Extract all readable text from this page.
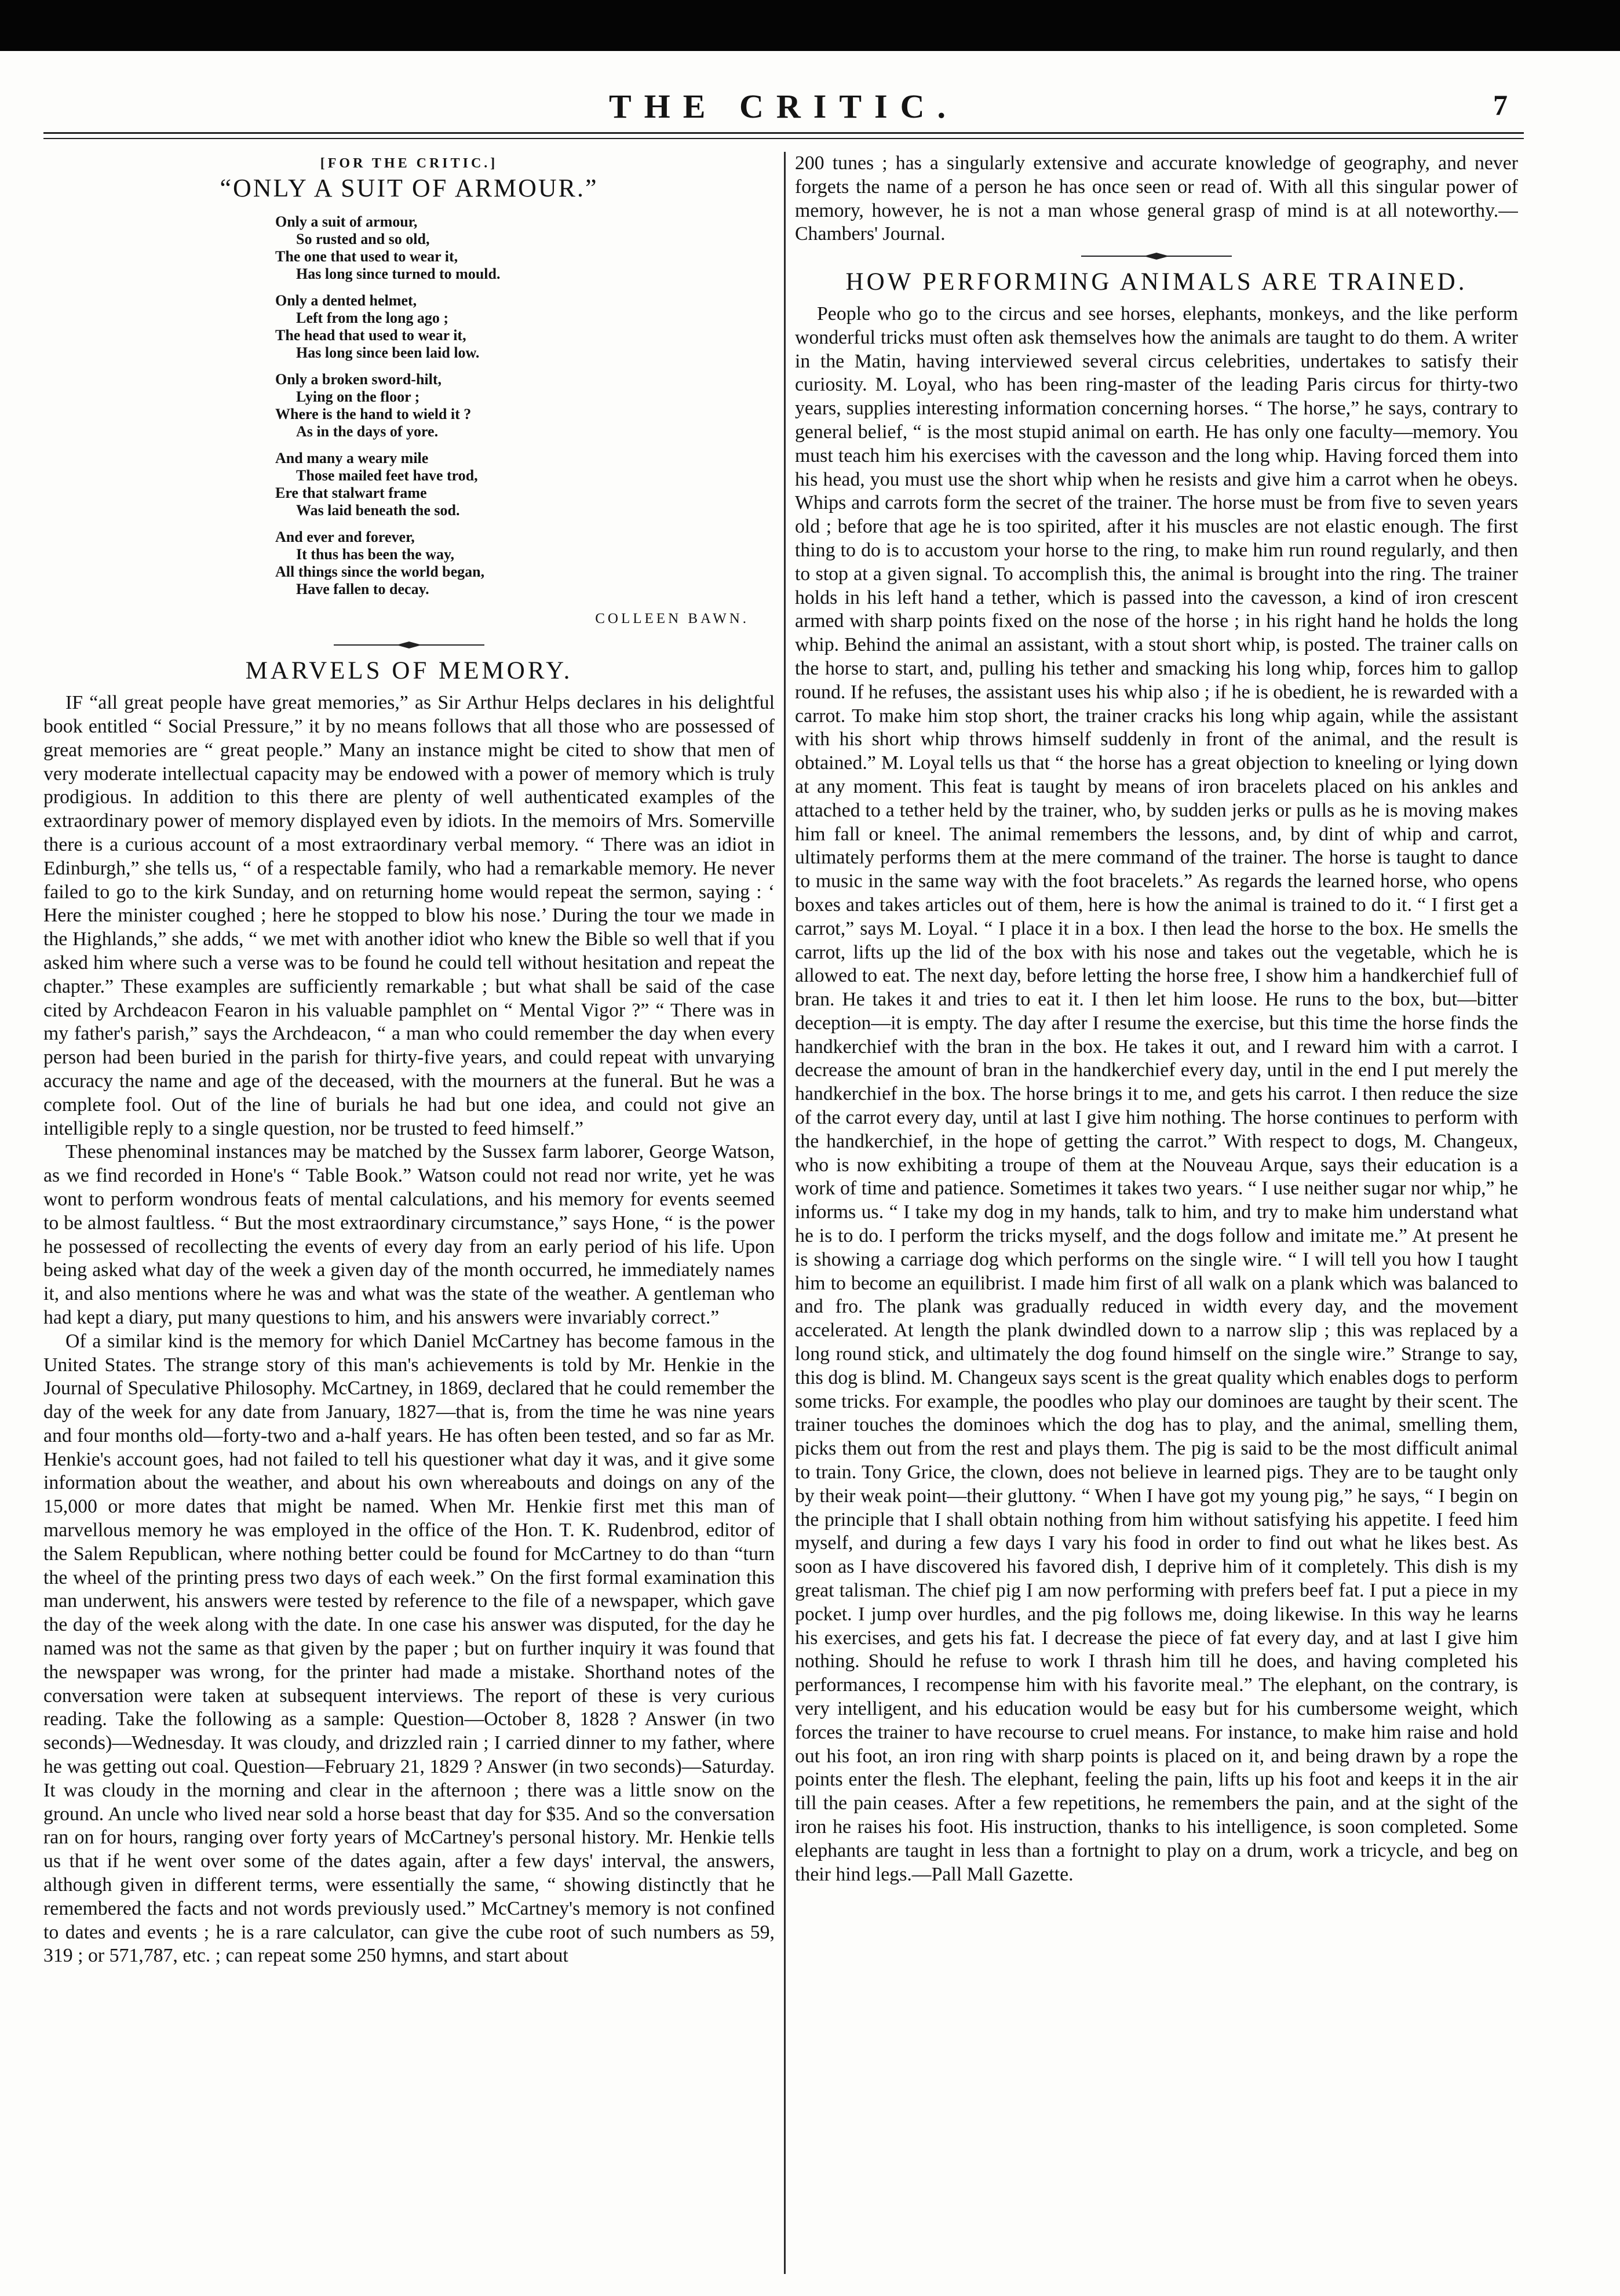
THE CRITIC.	7
[FOR THE CRITIC.]
“ONLY A SUIT OF ARMOUR.”
Only a suit of armour,
So rusted and so old,
The one that used to wear it,
Has long since turned to mould.
Only a dented helmet,
Left from the long ago ;
The head that used to wear it,
Has long since been laid low.
Only a broken sword-hilt,
Lying on the floor ;
Where is the hand to wield it ?
As in the days of yore.
And many a weary mile
Those mailed feet have trod,
Ere that stalwart frame
Was laid beneath the sod.
And ever and forever,
It thus has been the way,
All things since the world began,
Have fallen to decay.
COLLEEN BAWN.
MARVELS OF MEMORY.

IF “all great people have great memories,” as Sir Arthur Helps declares in his delightful book entitled “ Social Pressure,” it by no means follows that all those who are possessed of great memories are “ great people.” Many an instance might be cited to show that men of very moderate intellectual capacity may be endowed with a power of memory which is truly prodigious. In addition to this there are plenty of well authenticated examples of the extraordinary power of memory displayed even by idiots. In the memoirs of Mrs. Somerville there is a curious account of a most extraordinary verbal memory. “ There was an idiot in Edinburgh,” she tells us, “ of a respectable family, who had a remarkable memory. He never failed to go to the kirk Sunday, and on returning home would repeat the sermon, saying : ‘ Here the minister coughed ; here he stopped to blow his nose.’ During the tour we made in the Highlands,” she adds, “ we met with another idiot who knew the Bible so well that if you asked him where such a verse was to be found he could tell without hesitation and repeat the chapter.” These examples are sufficiently remarkable ; but what shall be said of the case cited by Archdeacon Fearon in his valuable pamphlet on “ Mental Vigor ?” “ There was in my father's parish,” says the Archdeacon, “ a man who could remember the day when every person had been buried in the parish for thirty-five years, and could repeat with unvarying accuracy the name and age of the deceased, with the mourners at the funeral. But he was a complete fool. Out of the line of burials he had but one idea, and could not give an intelligible reply to a single question, nor be trusted to feed himself.”

These phenominal instances may be matched by the Sussex farm laborer, George Watson, as we find recorded in Hone's “ Table Book.” Watson could not read nor write, yet he was wont to perform wondrous feats of mental calculations, and his memory for events seemed to be almost faultless. “ But the most extraordinary circumstance,” says Hone, “ is the power he possessed of recollecting the events of every day from an early period of his life. Upon being asked what day of the week a given day of the month occurred, he immediately names it, and also mentions where he was and what was the state of the weather. A gentleman who had kept a diary, put many questions to him, and his answers were invariably correct.”

Of a similar kind is the memory for which Daniel McCartney has become famous in the United States. The strange story of this man's achievements is told by Mr. Henkie in the Journal of Speculative Philosophy. McCartney, in 1869, declared that he could remember the day of the week for any date from January, 1827—that is, from the time he was nine years and four months old—forty-two and a-half years. He has often been tested, and so far as Mr. Henkie's account goes, had not failed to tell his questioner what day it was, and it give some information about the weather, and about his own whereabouts and doings on any of the 15,000 or more dates that might be named. When Mr. Henkie first met this man of marvellous memory he was employed in the office of the Hon. T. K. Rudenbrod, editor of the Salem Republican, where nothing better could be found for McCartney to do than “turn the wheel of the printing press two days of each week.” On the first formal examination this man underwent, his answers were tested by reference to the file of a newspaper, which gave the day of the week along with the date. In one case his answer was disputed, for the day he named was not the same as that given by the paper ; but on further inquiry it was found that the newspaper was wrong, for the printer had made a mistake. Shorthand notes of the conversation were taken at subsequent interviews. The report of these is very curious reading. Take the following as a sample: Question—October 8, 1828 ? Answer (in two seconds)—Wednesday. It was cloudy, and drizzled rain ; I carried dinner to my father, where he was getting out coal. Question—February 21, 1829 ? Answer (in two seconds)—Saturday. It was cloudy in the morning and clear in the afternoon ; there was a little snow on the ground. An uncle who lived near sold a horse beast that day for $35. And so the conversation ran on for hours, ranging over forty years of McCartney's personal history. Mr. Henkie tells us that if he went over some of the dates again, after a few days' interval, the answers, although given in different terms, were essentially the same, “ showing distinctly that he remembered the facts and not words previously used.” McCartney's memory is not confined to dates and events ; he is a rare calculator, can give the cube root of such numbers as 59, 319 ; or 571,787, etc. ; can repeat some 250 hymns, and start about

200 tunes ; has a singularly extensive and accurate knowledge of geography, and never forgets the name of a person he has once seen or read of. With all this singular power of memory, however, he is not a man whose general grasp of mind is at all noteworthy.—Chambers' Journal.
HOW PERFORMING ANIMALS ARE TRAINED.

People who go to the circus and see horses, elephants, monkeys, and the like perform wonderful tricks must often ask themselves how the animals are taught to do them. A writer in the Matin, having interviewed several circus celebrities, undertakes to satisfy their curiosity. M. Loyal, who has been ring-master of the leading Paris circus for thirty-two years, supplies interesting information concerning horses. “ The horse,” he says, contrary to general belief, “ is the most stupid animal on earth. He has only one faculty—memory. You must teach him his exercises with the cavesson and the long whip. Having forced them into his head, you must use the short whip when he resists and give him a carrot when he obeys. Whips and carrots form the secret of the trainer. The horse must be from five to seven years old ; before that age he is too spirited, after it his muscles are not elastic enough. The first thing to do is to accustom your horse to the ring, to make him run round regularly, and then to stop at a given signal. To accomplish this, the animal is brought into the ring. The trainer holds in his left hand a tether, which is passed into the cavesson, a kind of iron crescent armed with sharp points fixed on the nose of the horse ; in his right hand he holds the long whip. Behind the animal an assistant, with a stout short whip, is posted. The trainer calls on the horse to start, and, pulling his tether and smacking his long whip, forces him to gallop round. If he refuses, the assistant uses his whip also ; if he is obedient, he is rewarded with a carrot. To make him stop short, the trainer cracks his long whip again, while the assistant with his short whip throws himself suddenly in front of the animal, and the result is obtained.” M. Loyal tells us that “ the horse has a great objection to kneeling or lying down at any moment. This feat is taught by means of iron bracelets placed on his ankles and attached to a tether held by the trainer, who, by sudden jerks or pulls as he is moving makes him fall or kneel. The animal remembers the lessons, and, by dint of whip and carrot, ultimately performs them at the mere command of the trainer. The horse is taught to dance to music in the same way with the foot bracelets.” As regards the learned horse, who opens boxes and takes articles out of them, here is how the animal is trained to do it. “ I first get a carrot,” says M. Loyal. “ I place it in a box. I then lead the horse to the box. He smells the carrot, lifts up the lid of the box with his nose and takes out the vegetable, which he is allowed to eat. The next day, before letting the horse free, I show him a handkerchief full of bran. He takes it and tries to eat it. I then let him loose. He runs to the box, but—bitter deception—it is empty. The day after I resume the exercise, but this time the horse finds the handkerchief with the bran in the box. He takes it out, and I reward him with a carrot. I decrease the amount of bran in the handkerchief every day, until in the end I put merely the handkerchief in the box. The horse brings it to me, and gets his carrot. I then reduce the size of the carrot every day, until at last I give him nothing. The horse continues to perform with the handkerchief, in the hope of getting the carrot.” With respect to dogs, M. Changeux, who is now exhibiting a troupe of them at the Nouveau Arque, says their education is a work of time and patience. Sometimes it takes two years. “ I use neither sugar nor whip,” he informs us. “ I take my dog in my hands, talk to him, and try to make him understand what he is to do. I perform the tricks myself, and the dogs follow and imitate me.” At present he is showing a carriage dog which performs on the single wire. “ I will tell you how I taught him to become an equilibrist. I made him first of all walk on a plank which was balanced to and fro. The plank was gradually reduced in width every day, and the movement accelerated. At length the plank dwindled down to a narrow slip ; this was replaced by a long round stick, and ultimately the dog found himself on the single wire.” Strange to say, this dog is blind. M. Changeux says scent is the great quality which enables dogs to perform some tricks. For example, the poodles who play our dominoes are taught by their scent. The trainer touches the dominoes which the dog has to play, and the animal, smelling them, picks them out from the rest and plays them. The pig is said to be the most difficult animal to train. Tony Grice, the clown, does not believe in learned pigs. They are to be taught only by their weak point—their gluttony. “ When I have got my young pig,” he says, “ I begin on the principle that I shall obtain nothing from him without satisfying his appetite. I feed him myself, and during a few days I vary his food in order to find out what he likes best. As soon as I have discovered his favored dish, I deprive him of it completely. This dish is my great talisman. The chief pig I am now performing with prefers beef fat. I put a piece in my pocket. I jump over hurdles, and the pig follows me, doing likewise. In this way he learns his exercises, and gets his fat. I decrease the piece of fat every day, and at last I give him nothing. Should he refuse to work I thrash him till he does, and having completed his performances, I recompense him with his favorite meal.” The elephant, on the contrary, is very intelligent, and his education would be easy but for his cumbersome weight, which forces the trainer to have recourse to cruel means. For instance, to make him raise and hold out his foot, an iron ring with sharp points is placed on it, and being drawn by a rope the points enter the flesh. The elephant, feeling the pain, lifts up his foot and keeps it in the air till the pain ceases. After a few repetitions, he remembers the pain, and at the sight of the iron he raises his foot. His instruction, thanks to his intelligence, is soon completed. Some elephants are taught in less than a fortnight to play on a drum, work a tricycle, and beg on their hind legs.—Pall Mall Gazette.
